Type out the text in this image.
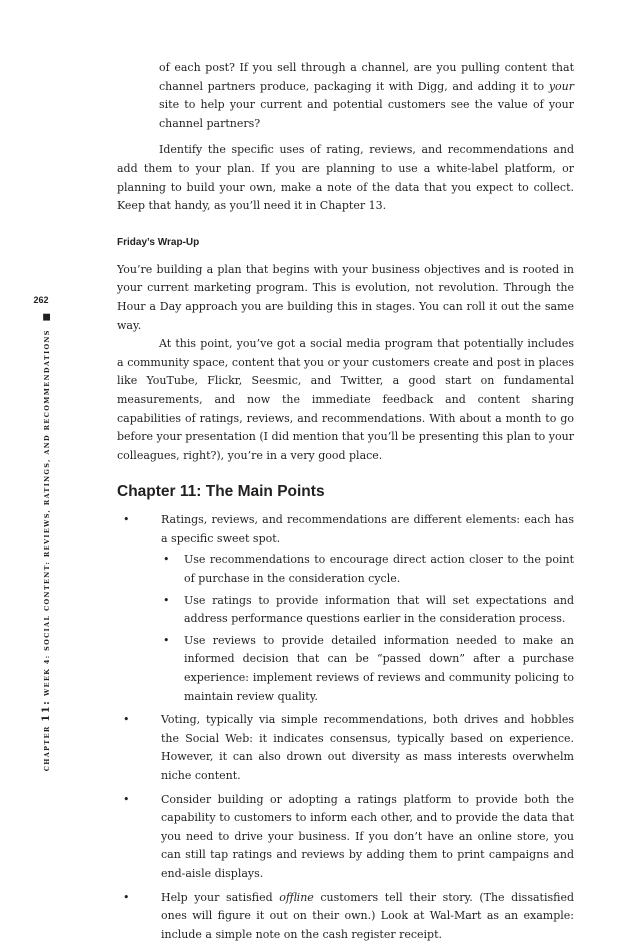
262
CHAPTER 11: WEEK 4: SOCIAL CONTENT: REVIEWS, RATINGS, AND RECOMMENDATIONS ■

of each post? If you sell through a channel, are you pulling content that channel partners produce, packaging it with Digg, and adding it to your site to help your current and potential customers see the value of your channel partners?

Identify the specific uses of rating, reviews, and recommendations and add them to your plan. If you are planning to use a white-label platform, or planning to build your own, make a note of the data that you expect to collect. Keep that handy, as you’ll need it in Chapter 13.

Friday’s Wrap-Up

You’re building a plan that begins with your business objectives and is rooted in your current marketing program. This is evolution, not revolution. Through the Hour a Day approach you are building this in stages. You can roll it out the same way.

At this point, you’ve got a social media program that potentially includes a community space, content that you or your customers create and post in places like YouTube, Flickr, Seesmic, and Twitter, a good start on fundamental measurements, and now the immediate feedback and content sharing capabilities of ratings, reviews, and recommendations. With about a month to go before your presentation (I did mention that you’ll be presenting this plan to your colleagues, right?), you’re in a very good place.

Chapter 11: The Main Points
•	Ratings, reviews, and recommendations are different elements: each has a specific sweet spot.
• Use recommendations to encourage direct action closer to the point of purchase in the consideration cycle.
• Use ratings to provide information that will set expectations and address performance questions earlier in the consideration process.
• Use reviews to provide detailed information needed to make an informed decision that can be “passed down” after a purchase experience: implement reviews of reviews and community policing to maintain review quality.
•	Voting, typically via simple recommendations, both drives and hobbles the Social Web: it indicates consensus, typically based on experience. However, it can also drown out diversity as mass interests overwhelm niche content.
•	Consider building or adopting a ratings platform to provide both the capability to customers to inform each other, and to provide the data that you need to drive your business. If you don’t have an online store, you can still tap ratings and reviews by adding them to print campaigns and end-aisle displays.
•	Help your satisfied offline customers tell their story. (The dissatisfied ones will figure it out on their own.) Look at Wal-Mart as an example: include a simple note on the cash register receipt.
